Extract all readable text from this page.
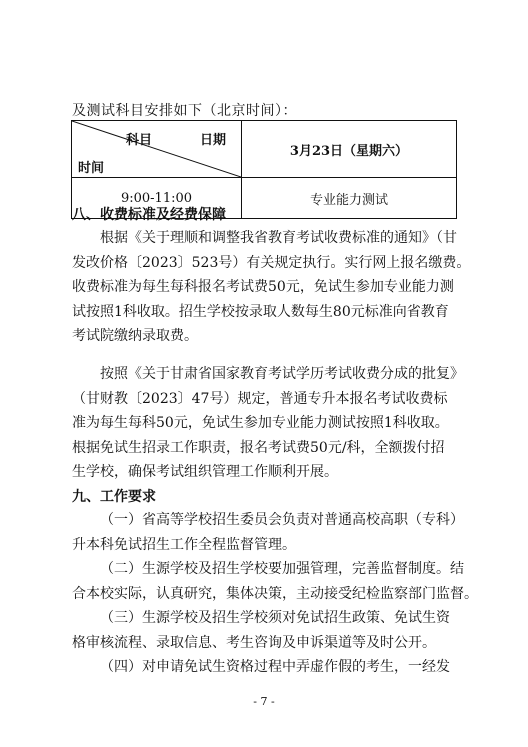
及测试科目安排如下（北京时间）：
科目 日期
时间	3月23日（星期六）
9:00-11:00	专业能力测试
八、收费标准及经费保障
根据《关于理顺和调整我省教育考试收费标准的通知》（甘
发改价格〔2023〕523号）有关规定执行。实行网上报名缴费。
收费标准为每生每科报名考试费50元，免试生参加专业能力测
试按照1科收取。招生学校按录取人数每生80元标准向省教育
考试院缴纳录取费。
按照《关于甘肃省国家教育考试学历考试收费分成的批复》
（甘财教〔2023〕47号）规定，普通专升本报名考试收费标
准为每生每科50元，免试生参加专业能力测试按照1科收取。
根据免试生招录工作职责，报名考试费50元/科，全额拨付招
生学校，确保考试组织管理工作顺利开展。
九、工作要求
（一）省高等学校招生委员会负责对普通高校高职（专科）
升本科免试招生工作全程监督管理。
（二）生源学校及招生学校要加强管理，完善监督制度。结
合本校实际，认真研究，集体决策，主动接受纪检监察部门监督。
（三）生源学校及招生学校须对免试招生政策、免试生资
格审核流程、录取信息、考生咨询及申诉渠道等及时公开。
（四）对申请免试生资格过程中弄虚作假的考生，一经发
- 7 -
